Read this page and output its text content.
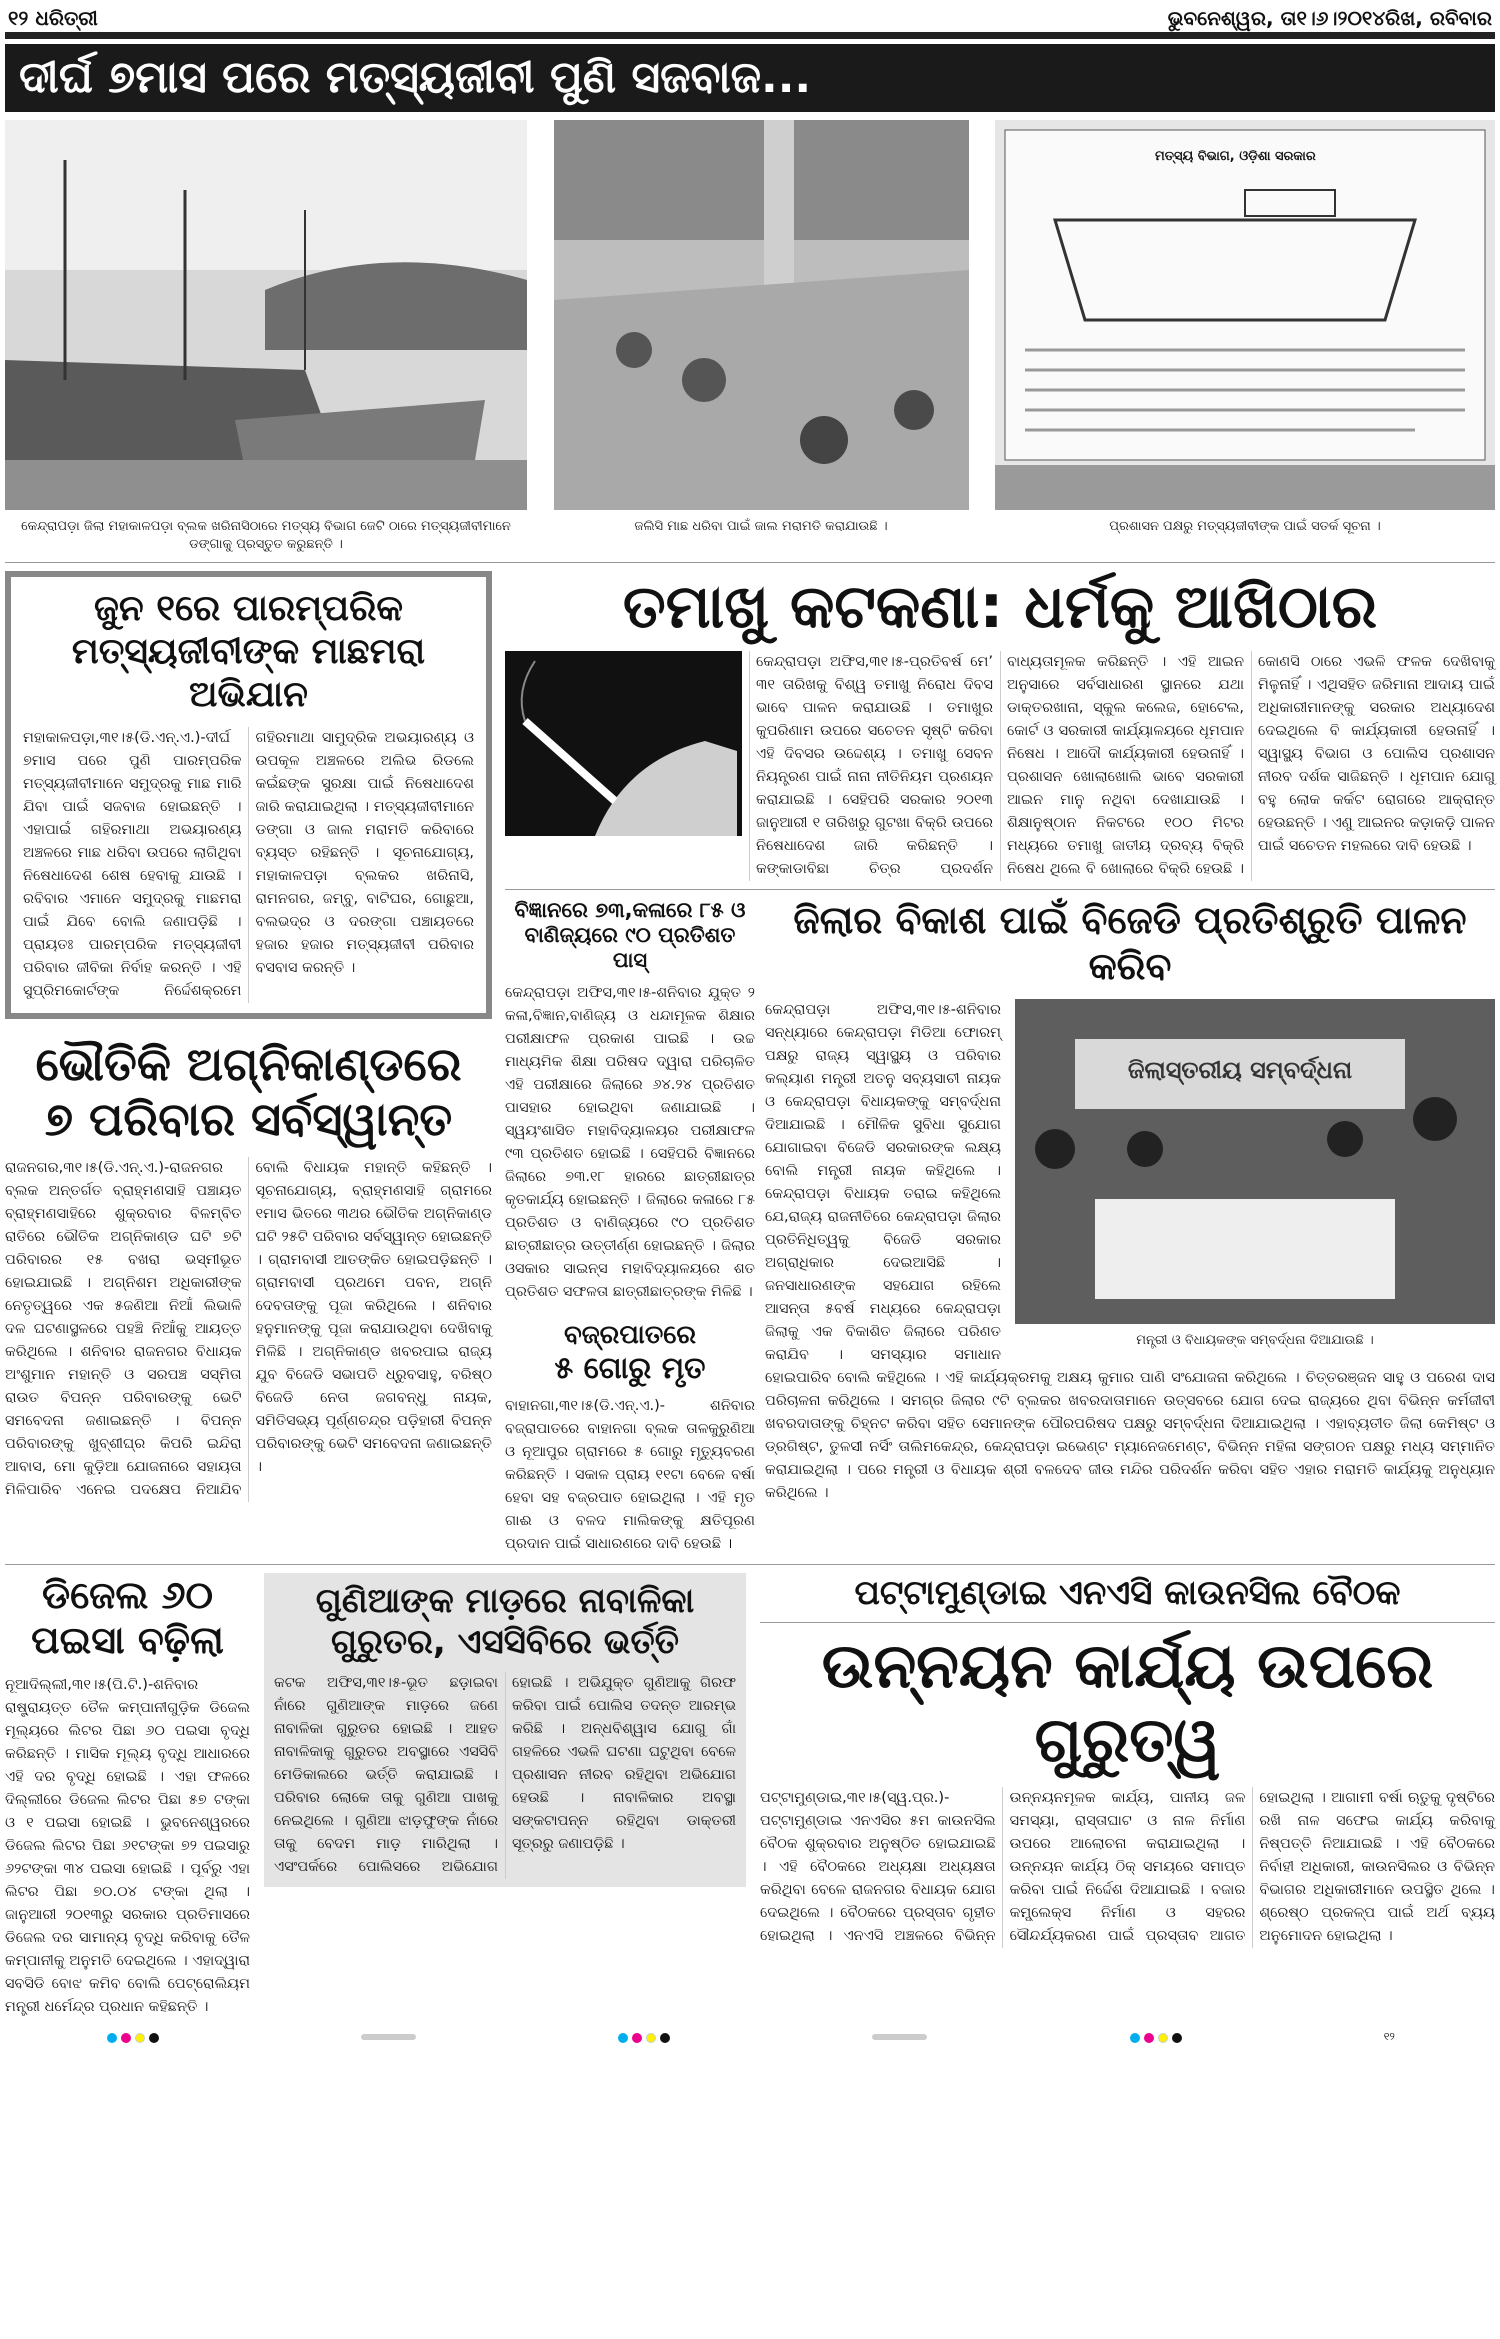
୧୨ ଧରିତ୍ରୀ	ଭୁବନେଶ୍ୱର, ତା୧।୬।୨୦୧୪ରିଖ, ରବିବାର
ଦୀର୍ଘ ୭ମାସ ପରେ ମତ୍ସ୍ୟଜୀବୀ ପୁଣି ସଜବାଜ...
କେନ୍ଦ୍ରାପଡ଼ା ଜିଲା ମହାକାଳପଡ଼ା ବ୍ଲକ ଖରିନାସିଠାରେ ମତ୍ସ୍ୟ ବିଭାଗ ଜେଟି ଠାରେ ମତ୍ସ୍ୟଜୀବୀମାନେ ଡଙ୍ଗାକୁ ପ୍ରସ୍ତୁତ କରୁଛନ୍ତି ।
ଜଲିସି ମାଛ ଧରିବା ପାଇଁ ଜାଲ ମରାମତି କରାଯାଉଛି ।
ମତ୍ସ୍ୟ ବିଭାଗ, ଓଡ଼ିଶା ସରକାର
ପ୍ରଶାସନ ପକ୍ଷରୁ ମତ୍ସ୍ୟଜୀବୀଙ୍କ ପାଇଁ ସତର୍କ ସୂଚନା ।
ଜୁନ ୧ରେ ପାରମ୍ପରିକ
ମତ୍ସ୍ୟଜୀବୀଙ୍କ ମାଛମରା ଅଭିଯାନ
ମହାକାଳପଡ଼ା,୩୧।୫(ଡି.ଏନ୍.ଏ.)-ଦୀର୍ଘ ୭ମାସ ପରେ ପୁଣି ପାରମ୍ପରିକ ମତ୍ସ୍ୟଜୀବୀମାନେ ସମୁଦ୍ରକୁ ମାଛ ମାରି ଯିବା ପାଇଁ ସଜବାଜ ହୋଇଛନ୍ତି । ଏହାପାଇଁ ଗହିରମାଥା ଅଭୟାରଣ୍ୟ ଅଞ୍ଚଳରେ ମାଛ ଧରିବା ଉପରେ ଲାଗିଥିବା ନିଷେଧାଦେଶ ଶେଷ ହେବାକୁ ଯାଉଛି । ରବିବାର ଏମାନେ ସମୁଦ୍ରକୁ ମାଛମରା ପାଇଁ ଯିବେ ବୋଲି ଜଣାପଡ଼ିଛି । ପ୍ରାୟତଃ ପାରମ୍ପରିକ ମତ୍ସ୍ୟଜୀବୀ ପରିବାର ଜୀବିକା ନିର୍ବାହ କରନ୍ତି । ଏହି ସୁପ୍ରିମକୋର୍ଟଙ୍କ ନିର୍ଦ୍ଦେଶକ୍ରମେ ଗହିରମାଥା ସାମୁଦ୍ରିକ ଅଭୟାରଣ୍ୟ ଓ ଉପକୂଳ ଅଞ୍ଚଳରେ ଅଲିଭ ରିଡଲେ କଇଁଛଙ୍କ ସୁରକ୍ଷା ପାଇଁ ନିଷେଧାଦେଶ ଜାରି କରାଯାଇଥିଲା । ମତ୍ସ୍ୟଜୀବୀମାନେ ଡଙ୍ଗା ଓ ଜାଲ ମରାମତି କରିବାରେ ବ୍ୟସ୍ତ ରହିଛନ୍ତି । ସୂଚନାଯୋଗ୍ୟ, ମହାକାଳପଡ଼ା ବ୍ଲକର ଖରିନାସି, ରାମନଗର, ଜମ୍ବୁ, ବାଟିଘର, ଗୋଛୁଆ, ବଲଭଦ୍ର ଓ ଦରଙ୍ଗା ପଞ୍ଚାୟତରେ ହଜାର ହଜାର ମତ୍ସ୍ୟଜୀବୀ ପରିବାର ବସବାସ କରନ୍ତି ।
ଭୌତିକି ଅଗ୍ନିକାଣ୍ଡରେ
୭ ପରିବାର ସର୍ବସ୍ୱାନ୍ତ
ରାଜନଗର,୩୧।୫(ଡି.ଏନ୍.ଏ.)-ରାଜନଗର ବ୍ଲକ ଅନ୍ତର୍ଗତ ବ୍ରାହ୍ମଣସାହି ପଞ୍ଚାୟତ ବ୍ରାହ୍ମଣସାହିରେ ଶୁକ୍ରବାର ବିଳମ୍ବିତ ରାତିରେ ଭୌତିକ ଅଗ୍ନିକାଣ୍ଡ ଘଟି ୭ଟି ପରିବାରର ୧୫ ବଖରା ଭସ୍ମୀଭୂତ ହୋଇଯାଇଛି । ଅଗ୍ନିଶମ ଅଧିକାରୀଙ୍କ ନେତୃତ୍ୱରେ ଏକ ୫ଜଣିଆ ନିଆଁ ଲିଭାଳି ଦଳ ଘଟଣାସ୍ଥଳରେ ପହଞ୍ଚି ନିଆଁକୁ ଆୟତ୍ତ କରିଥିଲେ । ଶନିବାର ରାଜନଗର ବିଧାୟକ ଅଂଶୁମାନ ମହାନ୍ତି ଓ ସରପଞ୍ଚ ସସ୍ମିତା ରାଉତ ବିପନ୍ନ ପରିବାରଙ୍କୁ ଭେଟି ସମବେଦନା ଜଣାଇଛନ୍ତି । ବିପନ୍ନ ପରିବାରଙ୍କୁ ଖୁବ୍‌ଶୀଘ୍ର କିପରି ଇନ୍ଦିରା ଆବାସ, ମୋ କୁଡ଼ିଆ ଯୋଜନାରେ ସହାୟତା ମିଳିପାରିବ ଏନେଇ ପଦକ୍ଷେପ ନିଆଯିବ ବୋଲି ବିଧାୟକ ମହାନ୍ତି କହିଛନ୍ତି । ସୂଚନାଯୋଗ୍ୟ, ବ୍ରାହ୍ମଣସାହି ଗ୍ରାମରେ ୧ମାସ ଭିତରେ ୩ଥର ଭୌତିକ ଅଗ୍ନିକାଣ୍ଡ ଘଟି ୨୫ଟି ପରିବାର ସର୍ବସ୍ୱାନ୍ତ ହୋଇଛନ୍ତି । ଗ୍ରାମବାସୀ ଆତଙ୍କିତ ହୋଇପଡ଼ିଛନ୍ତି । ଗ୍ରାମବାସୀ ପ୍ରଥମେ ପବନ, ଅଗ୍ନି ଦେବତାଙ୍କୁ ପୂଜା କରିଥିଲେ । ଶନିବାର ହନୁମାନଙ୍କୁ ପୂଜା କରାଯାଉଥିବା ଦେଖିବାକୁ ମିଳିଛି । ଅଗ୍ନିକାଣ୍ଡ ଖବରପାଇ ରାଜ୍ୟ ଯୁବ ବିଜେଡି ସଭାପତି ଧ୍ରୁବସାହୁ, ବରିଷ୍ଠ ବିଜେଡି ନେତା ଜଗବନ୍ଧୁ ନାୟକ, ସମିତିସଭ୍ୟ ପୂର୍ଣ୍ଣଚନ୍ଦ୍ର ପଡ଼ିହାରୀ ବିପନ୍ନ ପରିବାରଙ୍କୁ ଭେଟି ସମବେଦନା ଜଣାଇଛନ୍ତି ।
ତମାଖୁ କଟକଣା: ଧର୍ମକୁ ଆଖିଠାର
କେନ୍ଦ୍ରାପଡ଼ା ଅଫିସ,୩୧।୫-ପ୍ରତିବର୍ଷ ମେ’ ୩୧ ତାରିଖକୁ ବିଶ୍ୱ ତମାଖୁ ନିରୋଧ ଦିବସ ଭାବେ ପାଳନ କରାଯାଉଛି । ତମାଖୁର କୁପରିଣାମ ଉପରେ ସଚେତନ ସୃଷ୍ଟି କରିବା ଏହି ଦିବସର ଉଦ୍ଦେଶ୍ୟ । ତମାଖୁ ସେବନ ନିୟନ୍ତ୍ରଣ ପାଇଁ ନାନା ନୀତିନିୟମ ପ୍ରଣୟନ କରାଯାଇଛି । ସେହିପରି ସରକାର ୨୦୧୩ ଜାନୁଆରୀ ୧ ତାରିଖରୁ ଗୁଟଖା ବିକ୍ରି ଉପରେ ନିଷେଧାଦେଶ ଜାରି କରିଛନ୍ତି । କଙ୍କାଡାବିଛା ଚିତ୍ର ପ୍ରଦର୍ଶନ ବାଧ୍ୟତାମୂଳକ କରିଛନ୍ତି । ଏହି ଆଇନ ଅନୁସାରେ ସର୍ବସାଧାରଣ ସ୍ଥାନରେ ଯଥା ଡାକ୍ତରଖାନା, ସ୍କୁଲ କଲେଜ, ହୋଟେଲ, କୋର୍ଟ ଓ ସରକାରୀ କାର୍ଯ୍ୟାଳୟରେ ଧୂମପାନ ନିଷେଧ । ଆଦୌ କାର୍ଯ୍ୟକାରୀ ହେଉନାହିଁ । ପ୍ରଶାସନ ଖୋଲାଖୋଲି ଭାବେ ସରକାରୀ ଆଇନ ମାନୁ ନଥିବା ଦେଖାଯାଉଛି । ଶିକ୍ଷାନୁଷ୍ଠାନ ନିକଟରେ ୧୦୦ ମିଟର ମଧ୍ୟରେ ତମାଖୁ ଜାତୀୟ ଦ୍ରବ୍ୟ ବିକ୍ରି ନିଷେଧ ଥିଲେ ବି ଖୋଲାରେ ବିକ୍ରି ହେଉଛି । କୋଣସି ଠାରେ ଏଭଳି ଫଳକ ଦେଖିବାକୁ ମିଳୁନାହିଁ । ଏଥିସହିତ ଜରିମାନା ଆଦାୟ ପାଇଁ ଅଧିକାରୀମାନଙ୍କୁ ସରକାର ଅଧ୍ୟାଦେଶ ଦେଇଥିଲେ ବି କାର୍ଯ୍ୟକାରୀ ହେଉନାହିଁ । ସ୍ୱାସ୍ଥ୍ୟ ବିଭାଗ ଓ ପୋଲିସ ପ୍ରଶାସନ ନୀରବ ଦର୍ଶକ ସାଜିଛନ୍ତି । ଧୂମପାନ ଯୋଗୁ ବହୁ ଲୋକ କର୍କଟ ରୋଗରେ ଆକ୍ରାନ୍ତ ହେଉଛନ୍ତି । ଏଣୁ ଆଇନର କଡ଼ାକଡ଼ି ପାଳନ ପାଇଁ ସଚେତନ ମହଲରେ ଦାବି ହେଉଛି ।
ବିଜ୍ଞାନରେ ୭୩,କଳାରେ ୮୫ ଓ ବାଣିଜ୍ୟରେ ୯୦ ପ୍ରତିଶତ ପାସ୍
କେନ୍ଦ୍ରାପଡ଼ା ଅଫିସ,୩୧।୫-ଶନିବାର ଯୁକ୍ତ ୨ କଳା,ବିଜ୍ଞାନ,ବାଣିଜ୍ୟ ଓ ଧନ୍ଦାମୂଳକ ଶିକ୍ଷାର ପରୀକ୍ଷାଫଳ ପ୍ରକାଶ ପାଇଛି । ଉଚ୍ଚ ମାଧ୍ୟମିକ ଶିକ୍ଷା ପରିଷଦ ଦ୍ୱାରା ପରିଚାଳିତ ଏହି ପରୀକ୍ଷାରେ ଜିଲାରେ ୬୪.୨୪ ପ୍ରତିଶତ ପାସହାର ହୋଇଥିବା ଜଣାଯାଇଛି । ସ୍ୱୟଂଶାସିତ ମହାବିଦ୍ୟାଳୟର ପରୀକ୍ଷାଫଳ ୯୩ ପ୍ରତିଶତ ହୋଇଛି । ସେହିପରି ବିଜ୍ଞାନରେ ଜିଲାରେ ୭୩.୧୮ ହାରରେ ଛାତ୍ରୀଛାତ୍ର କୃତକାର୍ଯ୍ୟ ହୋଇଛନ୍ତି । ଜିଲାରେ କଳାରେ ୮୫ ପ୍ରତିଶତ ଓ ବାଣିଜ୍ୟରେ ୯୦ ପ୍ରତିଶତ ଛାତ୍ରୀଛାତ୍ର ଉତ୍ତୀର୍ଣ୍ଣ ହୋଇଛନ୍ତି । ଜିଲାର ଓସକାର ସାଇନ୍ସ ମହାବିଦ୍ୟାଳୟରେ ଶତ ପ୍ରତିଶତ ସଫଳତା ଛାତ୍ରୀଛାତ୍ରଙ୍କ ମିଳିଛି ।
ବଜ୍ରପାତରେ
୫ ଗୋରୁ ମୃତ
ବାହାନଗା,୩୧।୫(ଡି.ଏନ୍.ଏ.)- ଶନିବାର ବଜ୍ରାପାତରେ ବାହାନଗା ବ୍ଲକ ତାଳକୁରୁଣିଆ ଓ ନୂଆପୁର ଗ୍ରାମରେ ୫ ଗୋରୁ ମୃତ୍ୟୁବରଣ କରିଛନ୍ତି । ସକାଳ ପ୍ରାୟ ୧୧ଟା ବେଳେ ବର୍ଷା ହେବା ସହ ବଜ୍ରପାତ ହୋଇଥିଲା । ଏହି ମୃତ ଗାଈ ଓ ବଳଦ ମାଲିକଙ୍କୁ କ୍ଷତିପୂରଣ ପ୍ରଦାନ ପାଇଁ ସାଧାରଣରେ ଦାବି ହେଉଛି ।
ଜିଲାର ବିକାଶ ପାଇଁ ବିଜେଡି ପ୍ରତିଶ୍ରୁତି ପାଳନ କରିବ
ଜିଲାସ୍ତରୀୟ ସମ୍ବର୍ଦ୍ଧନା
ମନ୍ତ୍ରୀ ଓ ବିଧାୟକଙ୍କ ସମ୍ବର୍ଦ୍ଧନା ଦିଆଯାଉଛି ।
କେନ୍ଦ୍ରାପଡ଼ା ଅଫିସ,୩୧।୫-ଶନିବାର ସନ୍ଧ୍ୟାରେ କେନ୍ଦ୍ରାପଡ଼ା ମିଡିଆ ଫୋରମ୍ ପକ୍ଷରୁ ରାଜ୍ୟ ସ୍ୱାସ୍ଥ୍ୟ ଓ ପରିବାର କଲ୍ୟାଣ ମନ୍ତ୍ରୀ ଅତନୁ ସବ୍ୟସାଚୀ ନାୟକ ଓ କେନ୍ଦ୍ରାପଡ଼ା ବିଧାୟକଙ୍କୁ ସମ୍ବର୍ଦ୍ଧନା ଦିଆଯାଇଛି । ମୌଳିକ ସୁବିଧା ସୁଯୋଗ ଯୋଗାଇବା ବିଜେଡି ସରକାରଙ୍କ ଲକ୍ଷ୍ୟ ବୋଲି ମନ୍ତ୍ରୀ ନାୟକ କହିଥିଲେ । କେନ୍ଦ୍ରାପଡ଼ା ବିଧାୟକ ତରାଇ କହିଥିଲେ ଯେ,ରାଜ୍ୟ ରାଜନୀତିରେ କେନ୍ଦ୍ରାପଡ଼ା ଜିଲାର ପ୍ରତିନିଧିତ୍ୱକୁ ବିଜେଡି ସରକାର ଅଗ୍ରାଧିକାର ଦେଇଆସିଛି । ଜନସାଧାରଣଙ୍କ ସହଯୋଗ ରହିଲେ ଆସନ୍ତା ୫ବର୍ଷ ମଧ୍ୟରେ କେନ୍ଦ୍ରାପଡ଼ା ଜିଲାକୁ ଏକ ବିକାଶିତ ଜିଲାରେ ପରିଣତ କରାଯିବ । ସମସ୍ୟାର ସମାଧାନ ହୋଇପାରିବ ବୋଲି କହିଥିଲେ । ଏହି କାର୍ଯ୍ୟକ୍ରମକୁ ଅକ୍ଷୟ କୁମାର ପାଣି ସଂଯୋଜନା କରିଥିଲେ । ଚିତ୍ତରଞ୍ଜନ ସାହୁ ଓ ପରେଶ ଦାସ ପରିଚାଳନା କରିଥିଲେ । ସମଗ୍ର ଜିଲାର ୯ଟି ବ୍ଲକର ଖବରଦାତାମାନେ ଉତ୍ସବରେ ଯୋଗ ଦେଇ ରାଜ୍ୟରେ ଥିବା ବିଭିନ୍ନ କର୍ମଜୀବୀ ଖବରଦାତାଙ୍କୁ ଚିହ୍ନଟ କରିବା ସହିତ ସେମାନଙ୍କ ପୌରପରିଷଦ ପକ୍ଷରୁ ସମ୍ବର୍ଦ୍ଧନା ଦିଆଯାଇଥିଲା । ଏହାବ୍ୟତୀତ ଜିଲା କେମିଷ୍ଟ ଓ ଡ୍ରଗିଷ୍ଟ, ତୁଳସୀ ନର୍ସିଂ ତାଲିମକେନ୍ଦ୍ର, କେନ୍ଦ୍ରାପଡ଼ା ଇଭେଣ୍ଟ ମ୍ୟାନେଜମେଣ୍ଟ, ବିଭିନ୍ନ ମହିଳା ସଙ୍ଗଠନ ପକ୍ଷରୁ ମଧ୍ୟ ସମ୍ମାନିତ କରାଯାଇଥିଲା । ପରେ ମନ୍ତ୍ରୀ ଓ ବିଧାୟକ ଶ୍ରୀ ବଳଦେବ ଜୀଉ ମନ୍ଦିର ପରିଦର୍ଶନ କରିବା ସହିତ ଏହାର ମରାମତି କାର୍ଯ୍ୟକୁ ଅନୁଧ୍ୟାନ କରିଥିଲେ ।
ଡିଜେଲ ୬୦
ପଇସା ବଢ଼ିଲା
ନୂଆଦିଲ୍ଲୀ,୩୧।୫(ପି.ଟି.)-ଶନିବାର ରାଷ୍ଟ୍ରାୟତ୍ତ ତୈଳ କମ୍ପାନୀଗୁଡ଼ିକ ଡିଜେଲ ମୂଲ୍ୟରେ ଲିଟର ପିଛା ୬୦ ପଇସା ବୃଦ୍ଧି କରିଛନ୍ତି । ମାସିକ ମୂଲ୍ୟ ବୃଦ୍ଧି ଆଧାରରେ ଏହି ଦର ବୃଦ୍ଧି ହୋଇଛି । ଏହା ଫଳରେ ଦିଲ୍ଲୀରେ ଡିଜେଲ ଲିଟର ପିଛା ୫୭ ଟଙ୍କା ଓ ୧ ପଇସା ହୋଇଛି । ଭୁବନେଶ୍ୱରରେ ଡିଜେଲ ଲିଟର ପିଛା ୬୧ଟଙ୍କା ୭୨ ପଇସାରୁ ୬୨ଟଙ୍କା ୩୪ ପଇସା ହୋଇଛି । ପୂର୍ବରୁ ଏହା ଲିଟର ପିଛା ୭୦.୦୪ ଟଙ୍କା ଥିଲା । ଜାନୁଆରୀ ୨୦୧୩ରୁ ସରକାର ପ୍ରତିମାସରେ ଡିଜେଲ ଦର ସାମାନ୍ୟ ବୃଦ୍ଧି କରିବାକୁ ତୈଳ କମ୍ପାନୀକୁ ଅନୁମତି ଦେଇଥିଲେ । ଏହାଦ୍ୱାରା ସବସିଡି ବୋଝ କମିବ ବୋଲି ପେଟ୍ରୋଲିୟମ ମନ୍ତ୍ରୀ ଧର୍ମେନ୍ଦ୍ର ପ୍ରଧାନ କହିଛନ୍ତି ।
ଗୁଣିଆଙ୍କ ମାଡ଼ରେ ନାବାଳିକା
ଗୁରୁତର, ଏସସିବିରେ ଭର୍ତ୍ତି
କଟକ ଅଫିସ,୩୧।୫-ଭୂତ ଛଡ଼ାଇବା ନାଁରେ ଗୁଣିଆଙ୍କ ମାଡ଼ରେ ଜଣେ ନାବାଳିକା ଗୁରୁତର ହୋଇଛି । ଆହତ ନାବାଳିକାକୁ ଗୁରୁତର ଅବସ୍ଥାରେ ଏସସିବି ମେଡିକାଲରେ ଭର୍ତ୍ତି କରାଯାଇଛି । ପରିବାର ଲୋକେ ତାକୁ ଗୁଣିଆ ପାଖକୁ ନେଇଥିଲେ । ଗୁଣିଆ ଝାଡ଼ଫୁଙ୍କ ନାଁରେ ତାକୁ ବେଦମ ମାଡ଼ ମାରିଥିଲା । ଏସଂପର୍କରେ ପୋଲିସରେ ଅଭିଯୋଗ ହୋଇଛି । ଅଭିଯୁକ୍ତ ଗୁଣିଆକୁ ଗିରଫ କରିବା ପାଇଁ ପୋଲିସ ତଦନ୍ତ ଆରମ୍ଭ କରିଛି । ଅନ୍ଧବିଶ୍ୱାସ ଯୋଗୁ ଗାଁ ଗହଳିରେ ଏଭଳି ଘଟଣା ଘଟୁଥିବା ବେଳେ ପ୍ରଶାସନ ନୀରବ ରହିଥିବା ଅଭିଯୋଗ ହେଉଛି । ନାବାଳିକାର ଅବସ୍ଥା ସଙ୍କଟାପନ୍ନ ରହିଥିବା ଡାକ୍ତରୀ ସୂତ୍ରରୁ ଜଣାପଡ଼ିଛି ।
ପଟ୍ଟାମୁଣ୍ଡାଇ ଏନଏସି କାଉନସିଲ ବୈଠକ
ଉନ୍ନୟନ କାର୍ଯ୍ୟ ଉପରେ ଗୁରୁତ୍ୱ
ପଟ୍ଟାମୁଣ୍ଡାଇ,୩୧।୫(ସ୍ୱ.ପ୍ର.)-ପଟ୍ଟାମୁଣ୍ଡାଇ ଏନଏସିର ୫ମ କାଉନସିଲ ବୈଠକ ଶୁକ୍ରବାର ଅନୁଷ୍ଠିତ ହୋଇଯାଇଛି । ଏହି ବୈଠକରେ ଅଧ୍ୟକ୍ଷା ଅଧ୍ୟକ୍ଷତା କରିଥିବା ବେଳେ ରାଜନଗର ବିଧାୟକ ଯୋଗ ଦେଇଥିଲେ । ବୈଠକରେ ପ୍ରସ୍ତାବ ଗୃହୀତ ହୋଇଥିଲା । ଏନଏସି ଅଞ୍ଚଳରେ ବିଭିନ୍ନ ଉନ୍ନୟନମୂଳକ କାର୍ଯ୍ୟ, ପାନୀୟ ଜଳ ସମସ୍ୟା, ରାସ୍ତାଘାଟ ଓ ନାଳ ନିର୍ମାଣ ଉପରେ ଆଲୋଚନା କରାଯାଇଥିଲା । ଉନ୍ନୟନ କାର୍ଯ୍ୟ ଠିକ୍ ସମୟରେ ସମାପ୍ତ କରିବା ପାଇଁ ନିର୍ଦ୍ଦେଶ ଦିଆଯାଇଛି । ବଜାର କମ୍ପ୍ଲେକ୍ସ ନିର୍ମାଣ ଓ ସହରର ସୌନ୍ଦର୍ଯ୍ୟକରଣ ପାଇଁ ପ୍ରସ୍ତାବ ଆଗତ ହୋଇଥିଲା । ଆଗାମୀ ବର୍ଷା ଋତୁକୁ ଦୃଷ୍ଟିରେ ରଖି ନାଳ ସଫେଇ କାର୍ଯ୍ୟ କରିବାକୁ ନିଷ୍ପତ୍ତି ନିଆଯାଇଛି । ଏହି ବୈଠକରେ ନିର୍ବାହୀ ଅଧିକାରୀ, କାଉନସିଲର ଓ ବିଭିନ୍ନ ବିଭାଗର ଅଧିକାରୀମାନେ ଉପସ୍ଥିତ ଥିଲେ । ଶ୍ରେଷ୍ଠ ପ୍ରକଳ୍ପ ପାଇଁ ଅର୍ଥ ବ୍ୟୟ ଅନୁମୋଦନ ହୋଇଥିଲା ।
୧୨
